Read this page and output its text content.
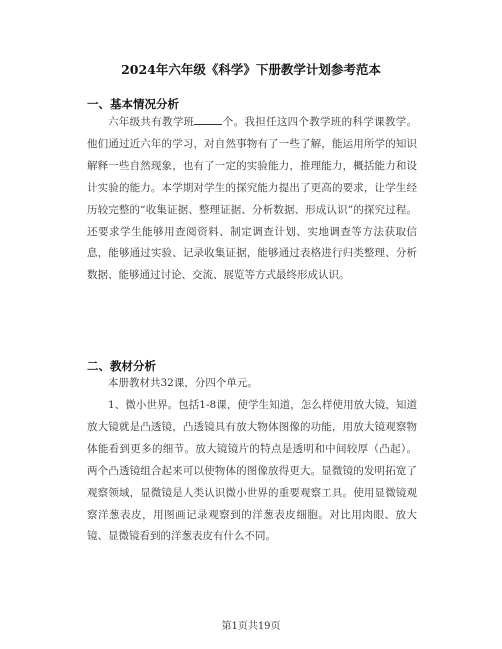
2024年六年级《科学》下册教学计划参考范本
一、基本情况分析

六年级共有教学班	个。我担任这四个教学班的科学课教学。他们通过近六年的学习，对自然事物有了一些了解，能运用所学的知识解释一些自然现象，也有了一定的实验能力，推理能力，概括能力和设计实验的能力。本学期对学生的探究能力提出了更高的要求，让学生经历较完整的“收集证据、整理证据、分析数据、形成认识”的探究过程。还要求学生能够用查阅资料、制定调查计划、实地调查等方法获取信息，能够通过实验、记录收集证据，能够通过表格进行归类整理、分析数据、能够通过讨论、交流、展览等方式最终形成认识。

二、教材分析

本册教材共32课，分四个单元。

1、微小世界。包括1-8课，使学生知道，怎么样使用放大镜，知道放大镜就是凸透镜，凸透镜具有放大物体图像的功能，用放大镜观察物体能看到更多的细节。放大镜镜片的特点是透明和中间较厚（凸起）。两个凸透镜组合起来可以使物体的图像放得更大。显微镜的发明拓宽了观察领域，显微镜是人类认识微小世界的重要观察工具。使用显微镜观察洋葱表皮，用图画记录观察到的洋葱表皮细胞。对比用肉眼、放大镜、显微镜看到的洋葱表皮有什么不同。

第1页共19页
